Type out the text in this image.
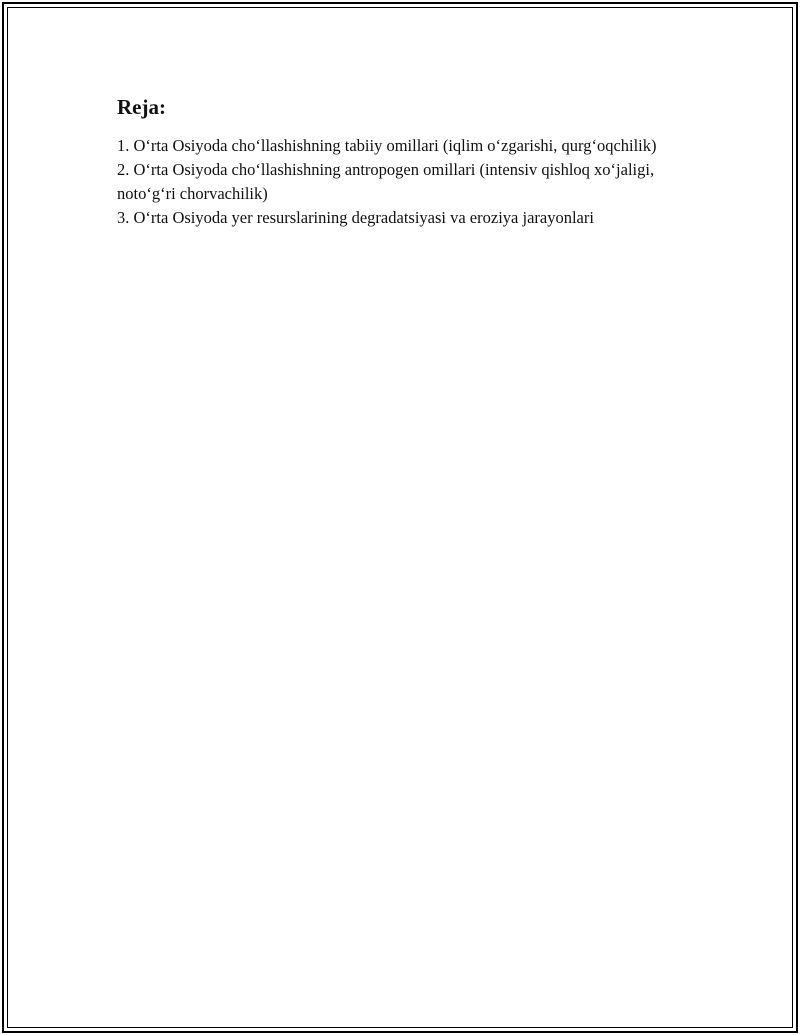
Reja:
1. O‘rta Osiyoda cho‘llashishning tabiiy omillari (iqlim o‘zgarishi, qurg‘oqchilik)
2. O‘rta Osiyoda cho‘llashishning antropogen omillari (intensiv qishloq xo‘jaligi, noto‘g‘ri chorvachilik)
3. O‘rta Osiyoda yer resurslarining degradatsiyasi va eroziya jarayonlari
